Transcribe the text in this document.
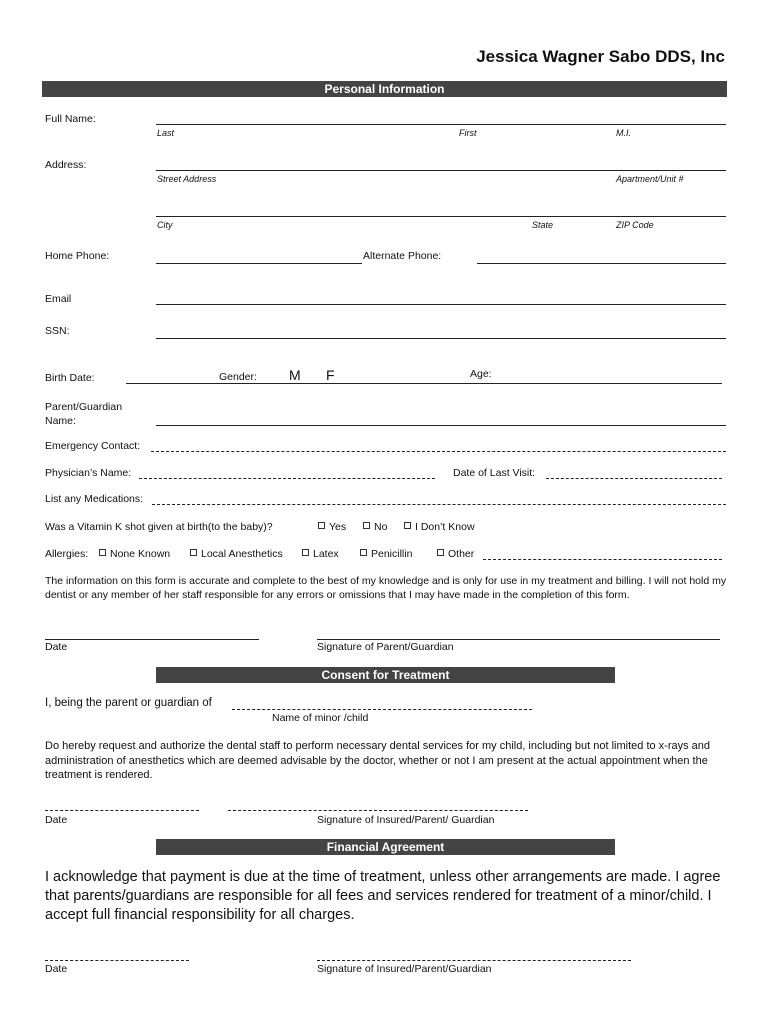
Jessica Wagner Sabo DDS, Inc
Personal Information
Full Name:
Last	First	M.I.
Address:
Street Address	Apartment/Unit #
City	State	ZIP Code
Home Phone:	Alternate Phone:
Email
SSN:
Birth Date:	Gender: M F	Age:
Parent/Guardian
Name:
Emergency Contact:
Physician’s Name:	Date of Last Visit:
List any Medications:
Was a Vitamin K shot given at birth(to the baby)?	Yes	No	I Don’t Know
Allergies:	None Known	Local Anesthetics	Latex	Penicillin	Other
The information on this form is accurate and complete to the best of my knowledge and is only for use in my treatment and billing. I will not hold my dentist or any member of her staff responsible for any errors or omissions that I may have made in the completion of this form.
Date	Signature of Parent/Guardian
Consent for Treatment
I, being the parent or guardian of
Name of minor /child
Do hereby request and authorize the dental staff to perform necessary dental services for my child, including but not limited to x-rays and administration of anesthetics which are deemed advisable by the doctor, whether or not I am present at the actual appointment when the treatment is rendered.
Date	Signature of Insured/Parent/ Guardian
Financial Agreement
I acknowledge that payment is due at the time of treatment, unless other arrangements are made. I agree that parents/guardians are responsible for all fees and services rendered for treatment of a minor/child. I accept full financial responsibility for all charges.
Date	Signature of Insured/Parent/Guardian
